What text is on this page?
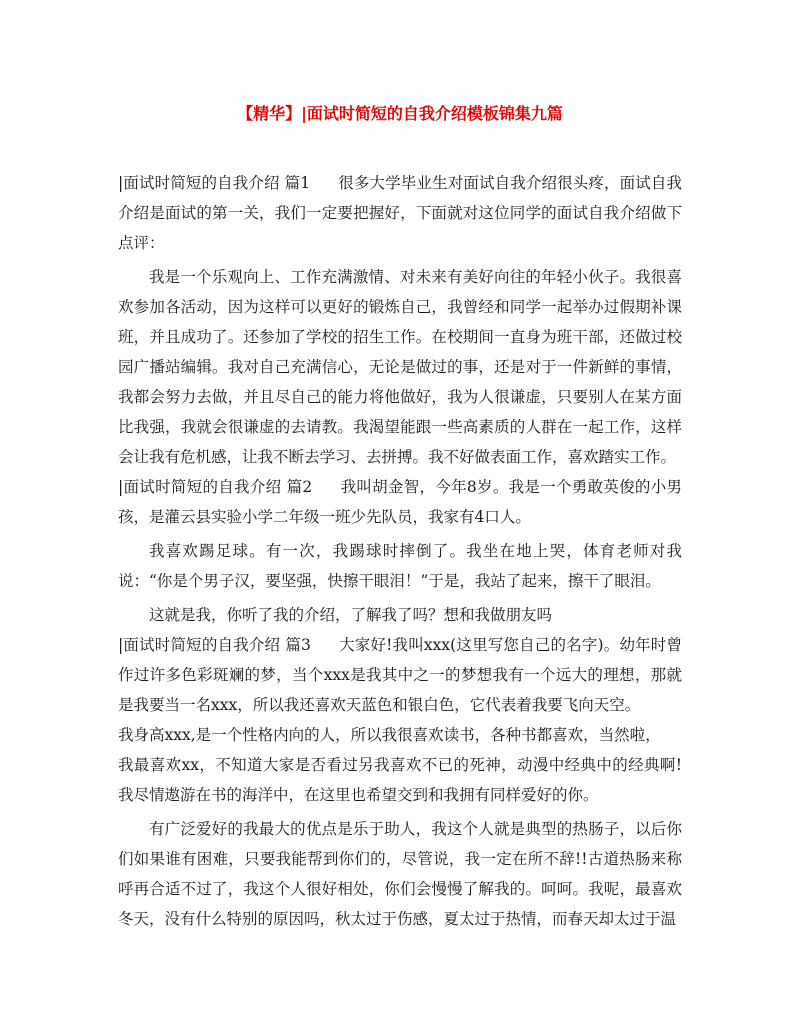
【精华】|面试时简短的自我介绍模板锦集九篇

|面试时简短的自我介绍 篇1 很多大学毕业生对面试自我介绍很头疼，面试自我介绍是面试的第一关，我们一定要把握好，下面就对这位同学的面试自我介绍做下点评：

我是一个乐观向上、工作充满激情、对未来有美好向往的年轻小伙子。我很喜欢参加各活动，因为这样可以更好的锻炼自己，我曾经和同学一起举办过假期补课班，并且成功了。还参加了学校的招生工作。在校期间一直身为班干部，还做过校园广播站编辑。我对自己充满信心，无论是做过的事，还是对于一件新鲜的事情，我都会努力去做，并且尽自己的能力将他做好，我为人很谦虚，只要别人在某方面比我强，我就会很谦虚的去请教。我渴望能跟一些高素质的人群在一起工作，这样会让我有危机感，让我不断去学习、去拼搏。我不好做表面工作，喜欢踏实工作。

|面试时简短的自我介绍 篇2 我叫胡金智，今年8岁。我是一个勇敢英俊的小男孩，是灌云县实验小学二年级一班少先队员，我家有4口人。

我喜欢踢足球。有一次，我踢球时摔倒了。我坐在地上哭，体育老师对我说：“你是个男子汉，要坚强，快擦干眼泪！”于是，我站了起来，擦干了眼泪。

这就是我，你听了我的介绍，了解我了吗？想和我做朋友吗

|面试时简短的自我介绍 篇3 大家好!我叫xxx(这里写您自己的名字)。幼年时曾作过许多色彩斑斓的梦，当个xxx是我其中之一的梦想我有一个远大的理想，那就是我要当一名xxx，所以我还喜欢天蓝色和银白色，它代表着我要飞向天空。

我身高xxx,是一个性格内向的人，所以我很喜欢读书，各种书都喜欢，当然啦，

我最喜欢xx，不知道大家是否看过另我喜欢不已的死神，动漫中经典中的经典啊!我尽情遨游在书的海洋中，在这里也希望交到和我拥有同样爱好的你。

有广泛爱好的我最大的优点是乐于助人，我这个人就是典型的热肠子，以后你们如果谁有困难，只要我能帮到你们的，尽管说，我一定在所不辞!!古道热肠来称呼再合适不过了，我这个人很好相处，你们会慢慢了解我的。呵呵。我呢，最喜欢冬天，没有什么特别的原因吗，秋太过于伤感，夏太过于热情，而春天却太过于温
